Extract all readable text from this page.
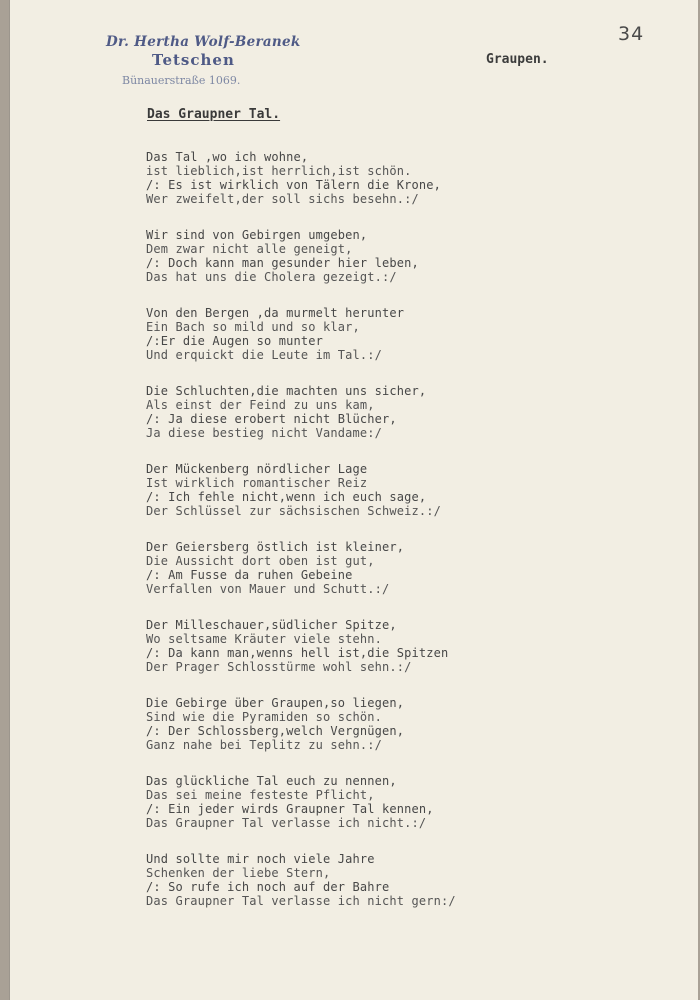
34
Dr. Hertha Wolf-Beranek
Tetschen
Bünauerstraße 1069.
Graupen.
Das Graupner Tal.
Das Tal ,wo ich wohne,
ist lieblich,ist herrlich,ist schön.
/: Es ist wirklich von Tälern die Krone,
Wer zweifelt,der soll sichs besehn.:/
Wir sind von Gebirgen umgeben,
Dem zwar nicht alle geneigt,
/: Doch kann man gesunder hier leben,
Das hat uns die Cholera gezeigt.:/
Von den Bergen ,da murmelt herunter
Ein Bach so mild und so klar,
/:Er die Augen so munter
Und erquickt die Leute im Tal.:/
Die Schluchten,die machten uns sicher,
Als einst der Feind zu uns kam,
/: Ja diese erobert nicht Blücher,
Ja diese bestieg nicht Vandame:/
Der Mückenberg nördlicher Lage
Ist wirklich romantischer Reiz
/: Ich fehle nicht,wenn ich euch sage,
Der Schlüssel zur sächsischen Schweiz.:/
Der Geiersberg östlich ist kleiner,
Die Aussicht dort oben ist gut,
/: Am Fusse da ruhen Gebeine
Verfallen von Mauer und Schutt.:/
Der Milleschauer,südlicher Spitze,
Wo seltsame Kräuter viele stehn.
/: Da kann man,wenns hell ist,die Spitzen
Der Prager Schlosstürme wohl sehn.:/
Die Gebirge über Graupen,so liegen,
Sind wie die Pyramiden so schön.
/: Der Schlossberg,welch Vergnügen,
Ganz nahe bei Teplitz zu sehn.:/
Das glückliche Tal euch zu nennen,
Das sei meine festeste Pflicht,
/: Ein jeder wirds Graupner Tal kennen,
Das Graupner Tal verlasse ich nicht.:/
Und sollte mir noch viele Jahre
Schenken der liebe Stern,
/: So rufe ich noch auf der Bahre
Das Graupner Tal verlasse ich nicht gern:/
